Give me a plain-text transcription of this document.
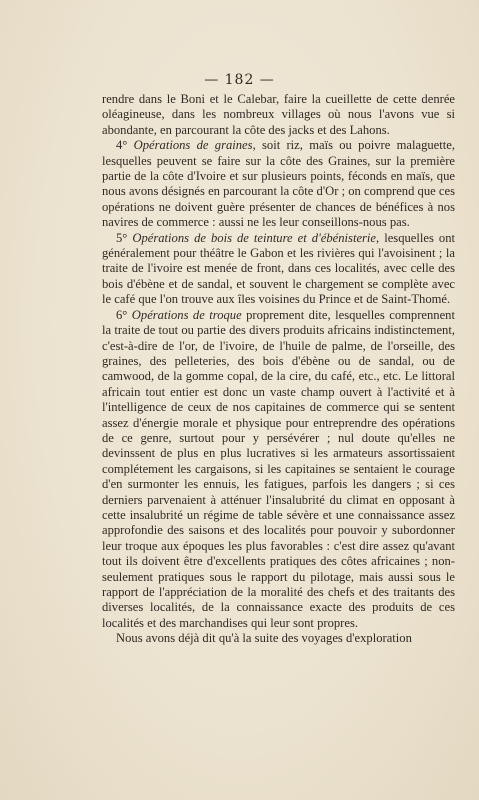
— 182 —

rendre dans le Boni et le Calebar, faire la cueillette de cette denrée oléagineuse, dans les nombreux villages où nous l'avons vue si abondante, en parcourant la côte des jacks et des Lahons.

4° Opérations de graines, soit riz, maïs ou poivre malaguette, lesquelles peuvent se faire sur la côte des Graines, sur la première partie de la côte d'Ivoire et sur plusieurs points, féconds en maïs, que nous avons désignés en parcourant la côte d'Or ; on comprend que ces opérations ne doivent guère présenter de chances de bénéfices à nos navires de commerce : aussi ne les leur conseillons-nous pas.

5° Opérations de bois de teinture et d'ébénisterie, lesquelles ont généralement pour théâtre le Gabon et les rivières qui l'avoisinent ; la traite de l'ivoire est menée de front, dans ces localités, avec celle des bois d'ébène et de sandal, et souvent le chargement se complète avec le café que l'on trouve aux îles voisines du Prince et de Saint-Thomé.

6° Opérations de troque proprement dite, lesquelles comprennent la traite de tout ou partie des divers produits africains indistinctement, c'est-à-dire de l'or, de l'ivoire, de l'huile de palme, de l'orseille, des graines, des pelleteries, des bois d'ébène ou de sandal, ou de camwood, de la gomme copal, de la cire, du café, etc., etc. Le littoral africain tout entier est donc un vaste champ ouvert à l'activité et à l'intelligence de ceux de nos capitaines de commerce qui se sentent assez d'énergie morale et physique pour entreprendre des opérations de ce genre, surtout pour y persévérer ; nul doute qu'elles ne devinssent de plus en plus lucratives si les armateurs assortissaient complétement les cargaisons, si les capitaines se sentaient le courage d'en surmonter les ennuis, les fatigues, parfois les dangers ; si ces derniers parvenaient à atténuer l'insalubrité du climat en opposant à cette insalubrité un régime de table sévère et une connaissance assez approfondie des saisons et des localités pour pouvoir y subordonner leur troque aux époques les plus favorables : c'est dire assez qu'avant tout ils doivent être d'excellents pratiques des côtes africaines ; non-seulement pratiques sous le rapport du pilotage, mais aussi sous le rapport de l'appréciation de la moralité des chefs et des traitants des diverses localités, de la connaissance exacte des produits de ces localités et des marchandises qui leur sont propres.

Nous avons déjà dit qu'à la suite des voyages d'exploration
